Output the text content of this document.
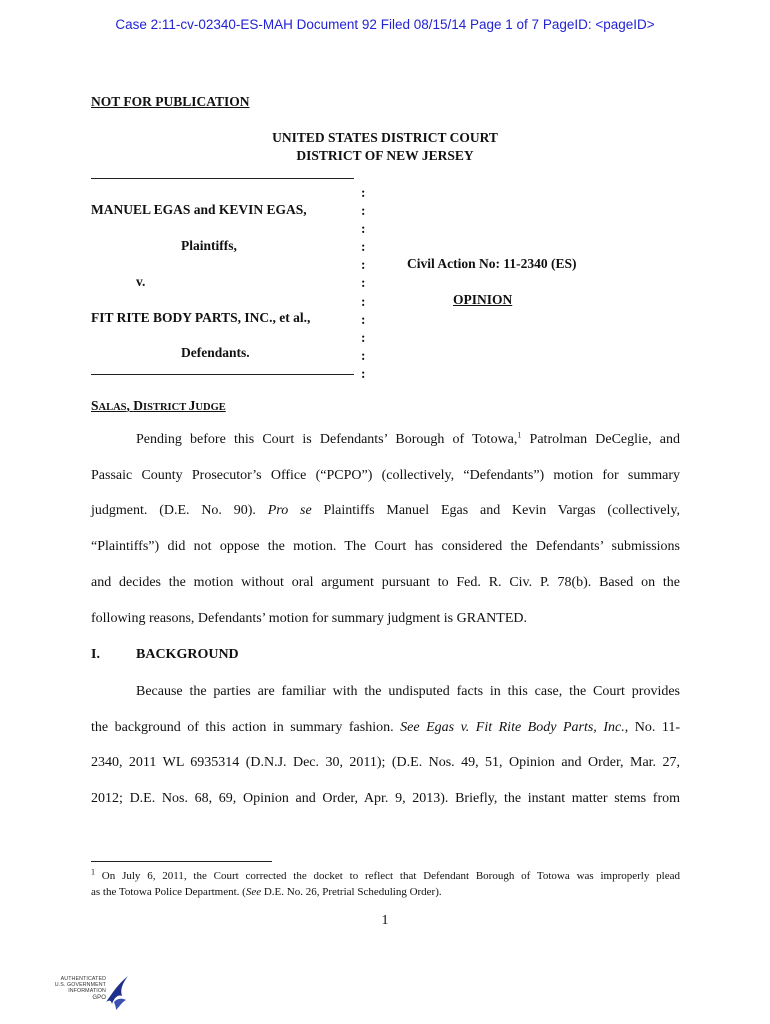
Case 2:11-cv-02340-ES-MAH Document 92 Filed 08/15/14 Page 1 of 7 PageID: <pageID>
NOT FOR PUBLICATION
UNITED STATES DISTRICT COURT
DISTRICT OF NEW JERSEY
:
:
:
:
:
:
:
:
:
:
:
MANUEL EGAS and KEVIN EGAS,
Plaintiffs,
v.
FIT RITE BODY PARTS, INC., et al.,
Defendants.
Civil Action No: 11-2340 (ES)
OPINION
SALAS, DISTRICT JUDGE
Pending before this Court is Defendants’ Borough of Totowa,$^1$ Patrolman DeCeglie, and
Passaic County Prosecutor’s Office (“PCPO”) (collectively, “Defendants”) motion for summary
judgment. (D.E. No. 90). Pro se Plaintiffs Manuel Egas and Kevin Vargas (collectively,
“Plaintiffs”) did not oppose the motion. The Court has considered the Defendants’ submissions
and decides the motion without oral argument pursuant to Fed. R. Civ. P. 78(b). Based on the
following reasons, Defendants’ motion for summary judgment is GRANTED.
I.	BACKGROUND
Because the parties are familiar with the undisputed facts in this case, the Court provides
the background of this action in summary fashion. See Egas v. Fit Rite Body Parts, Inc., No. 11-
2340, 2011 WL 6935314 (D.N.J. Dec. 30, 2011); (D.E. Nos. 49, 51, Opinion and Order, Mar. 27,
2012; D.E. Nos. 68, 69, Opinion and Order, Apr. 9, 2013). Briefly, the instant matter stems from
$^1$ On July 6, 2011, the Court corrected the docket to reflect that Defendant Borough of Totowa was improperly plead
as the Totowa Police Department. (See D.E. No. 26, Pretrial Scheduling Order).
1
AUTHENTICATED
U.S. GOVERNMENT
INFORMATION
GPO
